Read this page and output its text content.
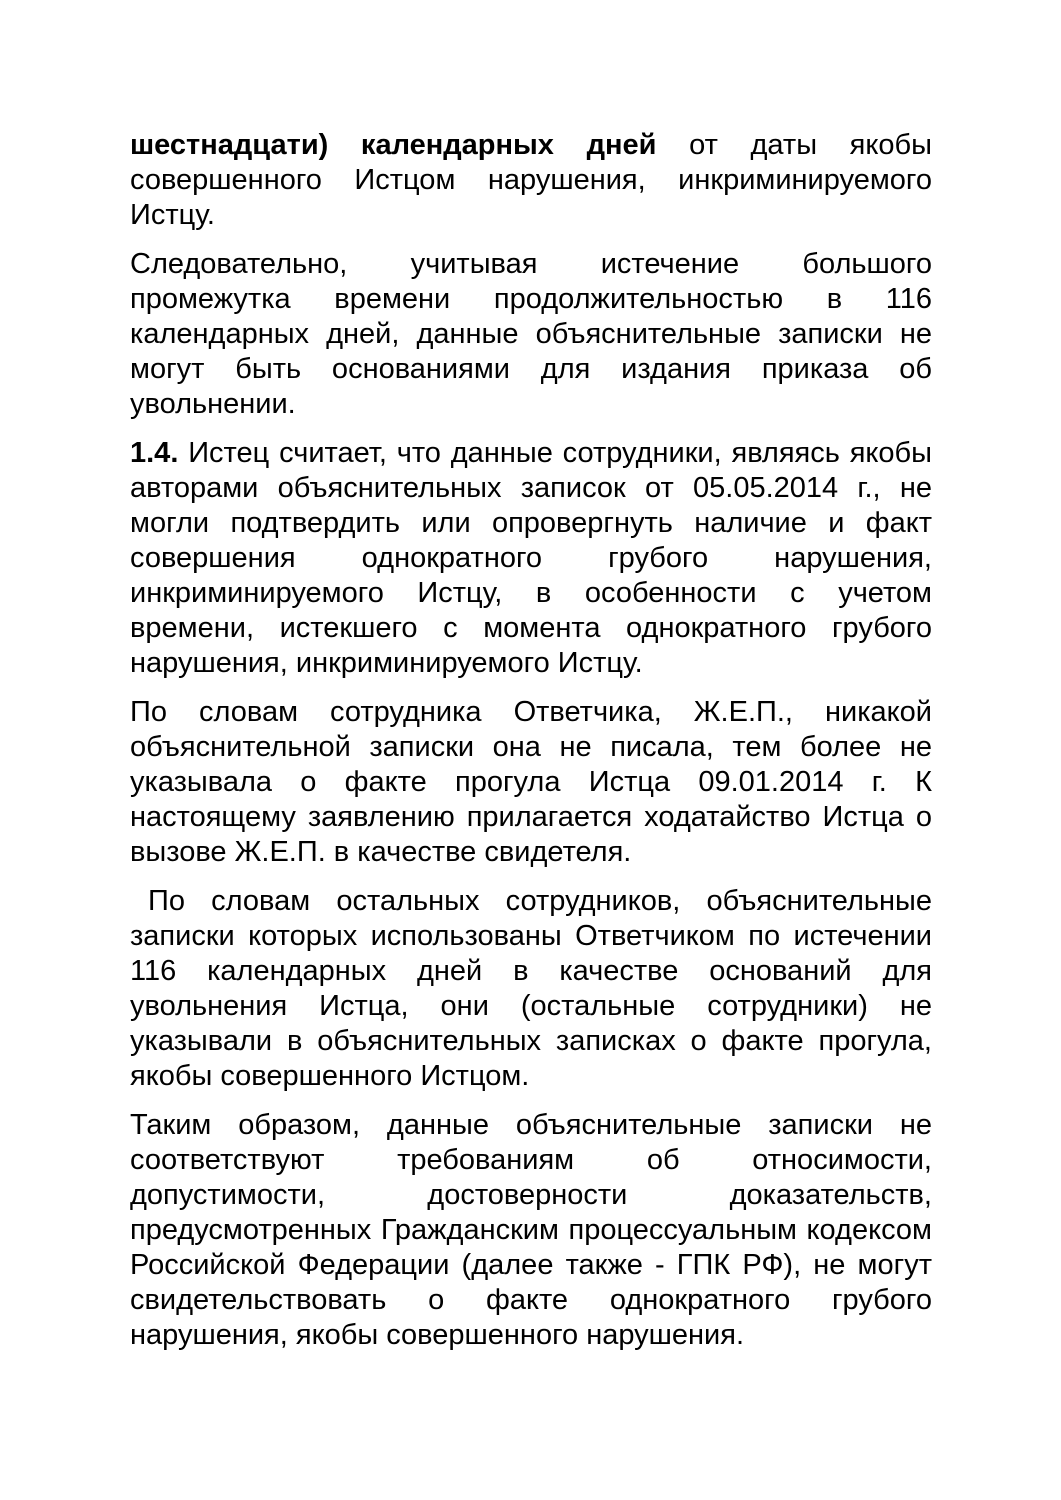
шестнадцати) календарных дней от даты якобы совершенного Истцом нарушения, инкриминируемого Истцу.

Следовательно, учитывая истечение большого промежутка времени продолжительностью в 116 календарных дней, данные объяснительные записки не могут быть основаниями для издания приказа об увольнении.

1.4. Истец считает, что данные сотрудники, являясь якобы авторами объяснительных записок от 05.05.2014 г., не могли подтвердить или опровергнуть наличие и факт совершения однократного грубого нарушения, инкриминируемого Истцу, в особенности с учетом времени, истекшего с момента однократного грубого нарушения, инкриминируемого Истцу.

По словам сотрудника Ответчика, Ж.Е.П., никакой объяснительной записки она не писала, тем более не указывала о факте прогула Истца 09.01.2014 г. К настоящему заявлению прилагается ходатайство Истца о вызове Ж.Е.П. в качестве свидетеля.

По словам остальных сотрудников, объяснительные записки которых использованы Ответчиком по истечении 116 календарных дней в качестве оснований для увольнения Истца, они (остальные сотрудники) не указывали в объяснительных записках о факте прогула, якобы совершенного Истцом.

Таким образом, данные объяснительные записки не соответствуют требованиям об относимости, допустимости, достоверности доказательств, предусмотренных Гражданским процессуальным кодексом Российской Федерации (далее также - ГПК РФ), не могут свидетельствовать о факте однократного грубого нарушения, якобы совершенного нарушения.
